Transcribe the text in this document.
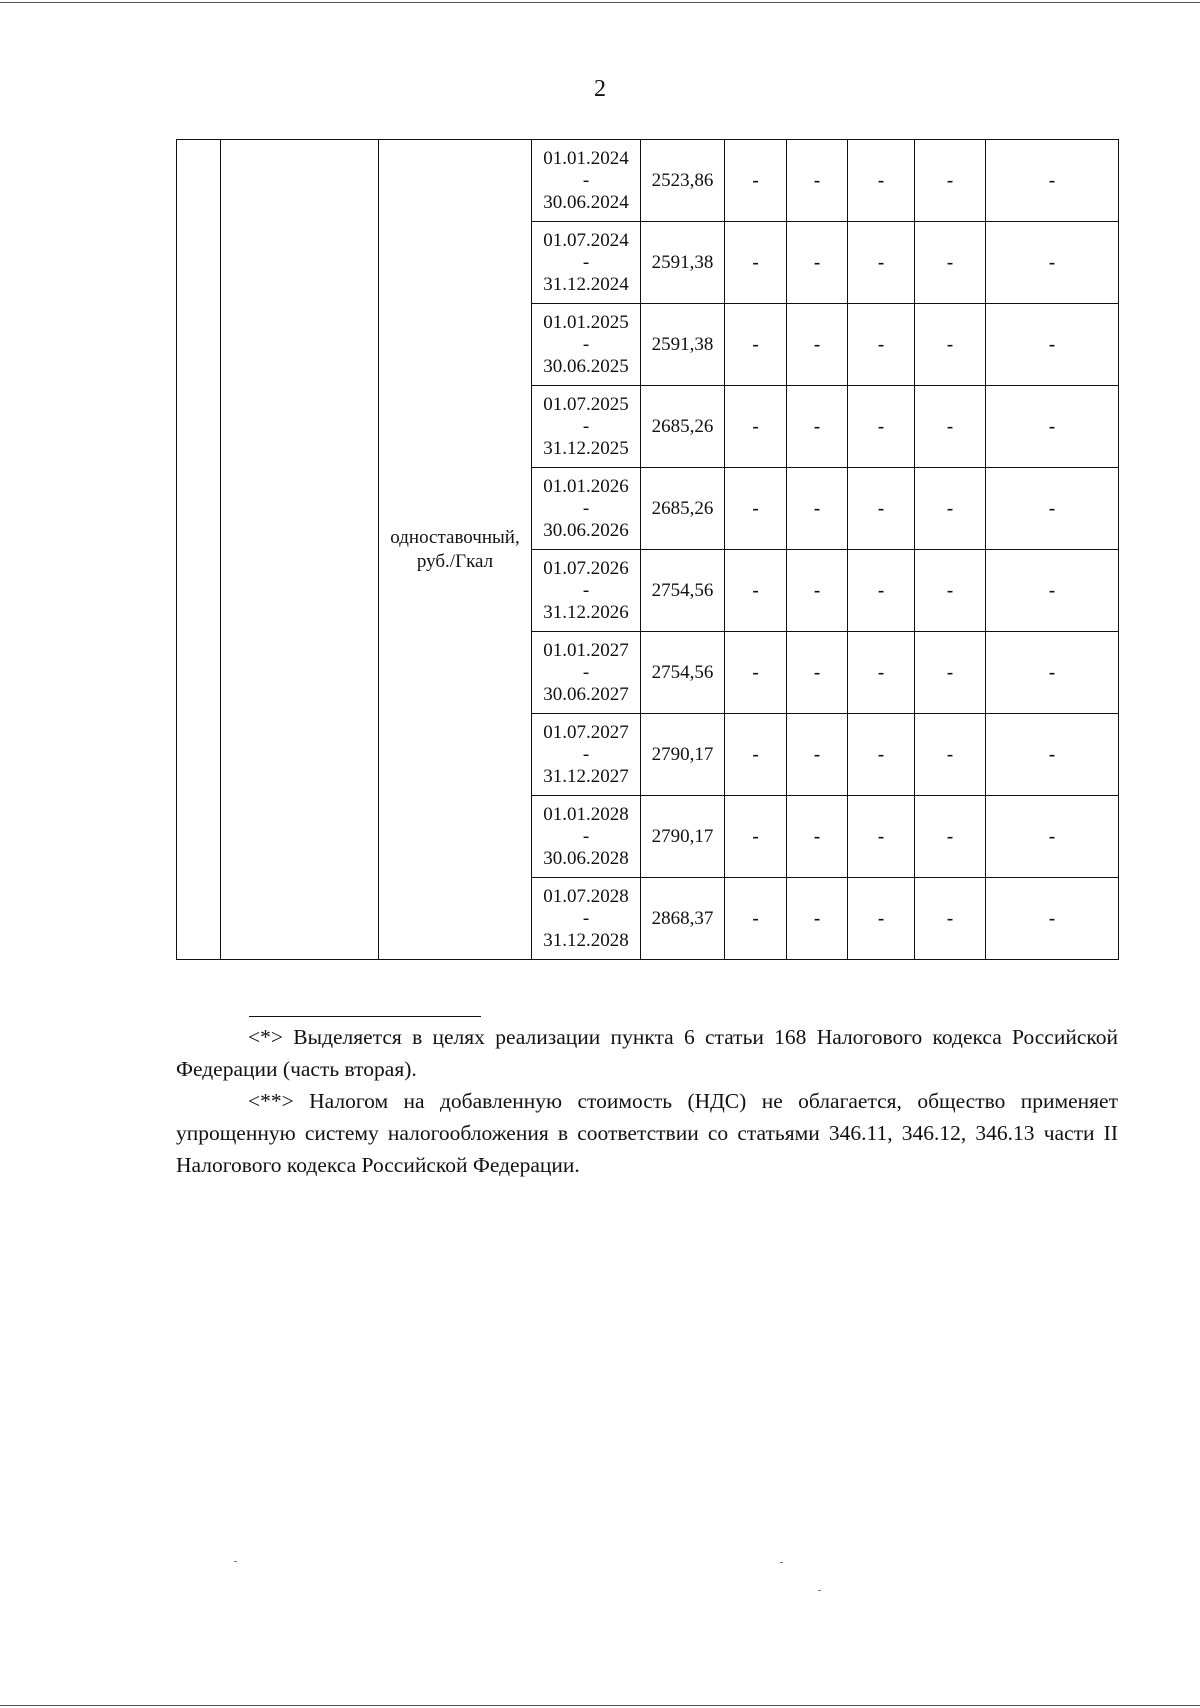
2
		одноставочный, руб./Гкал	01.01.2024
-
30.06.2024	2523,86	-	-	-	-	-

			01.07.2024
-
31.12.2024	2591,38	-	-	-	-	-

			01.01.2025
-
30.06.2025	2591,38	-	-	-	-	-

			01.07.2025
-
31.12.2025	2685,26	-	-	-	-	-

			01.01.2026
-
30.06.2026	2685,26	-	-	-	-	-

			01.07.2026
-
31.12.2026	2754,56	-	-	-	-	-

			01.01.2027
-
30.06.2027	2754,56	-	-	-	-	-

			01.07.2027
-
31.12.2027	2790,17	-	-	-	-	-

			01.01.2028
-
30.06.2028	2790,17	-	-	-	-	-

			01.07.2028
-
31.12.2028	2868,37	-	-	-	-	-

<*> Выделяется в целях реализации пункта 6 статьи 168 Налогового кодекса Российской Федерации (часть вторая).

<**> Налогом на добавленную стоимость (НДС) не облагается, общество применяет упрощенную систему налогообложения в соответствии со статьями 346.11, 346.12, 346.13 части II Налогового кодекса Российской Федерации.
